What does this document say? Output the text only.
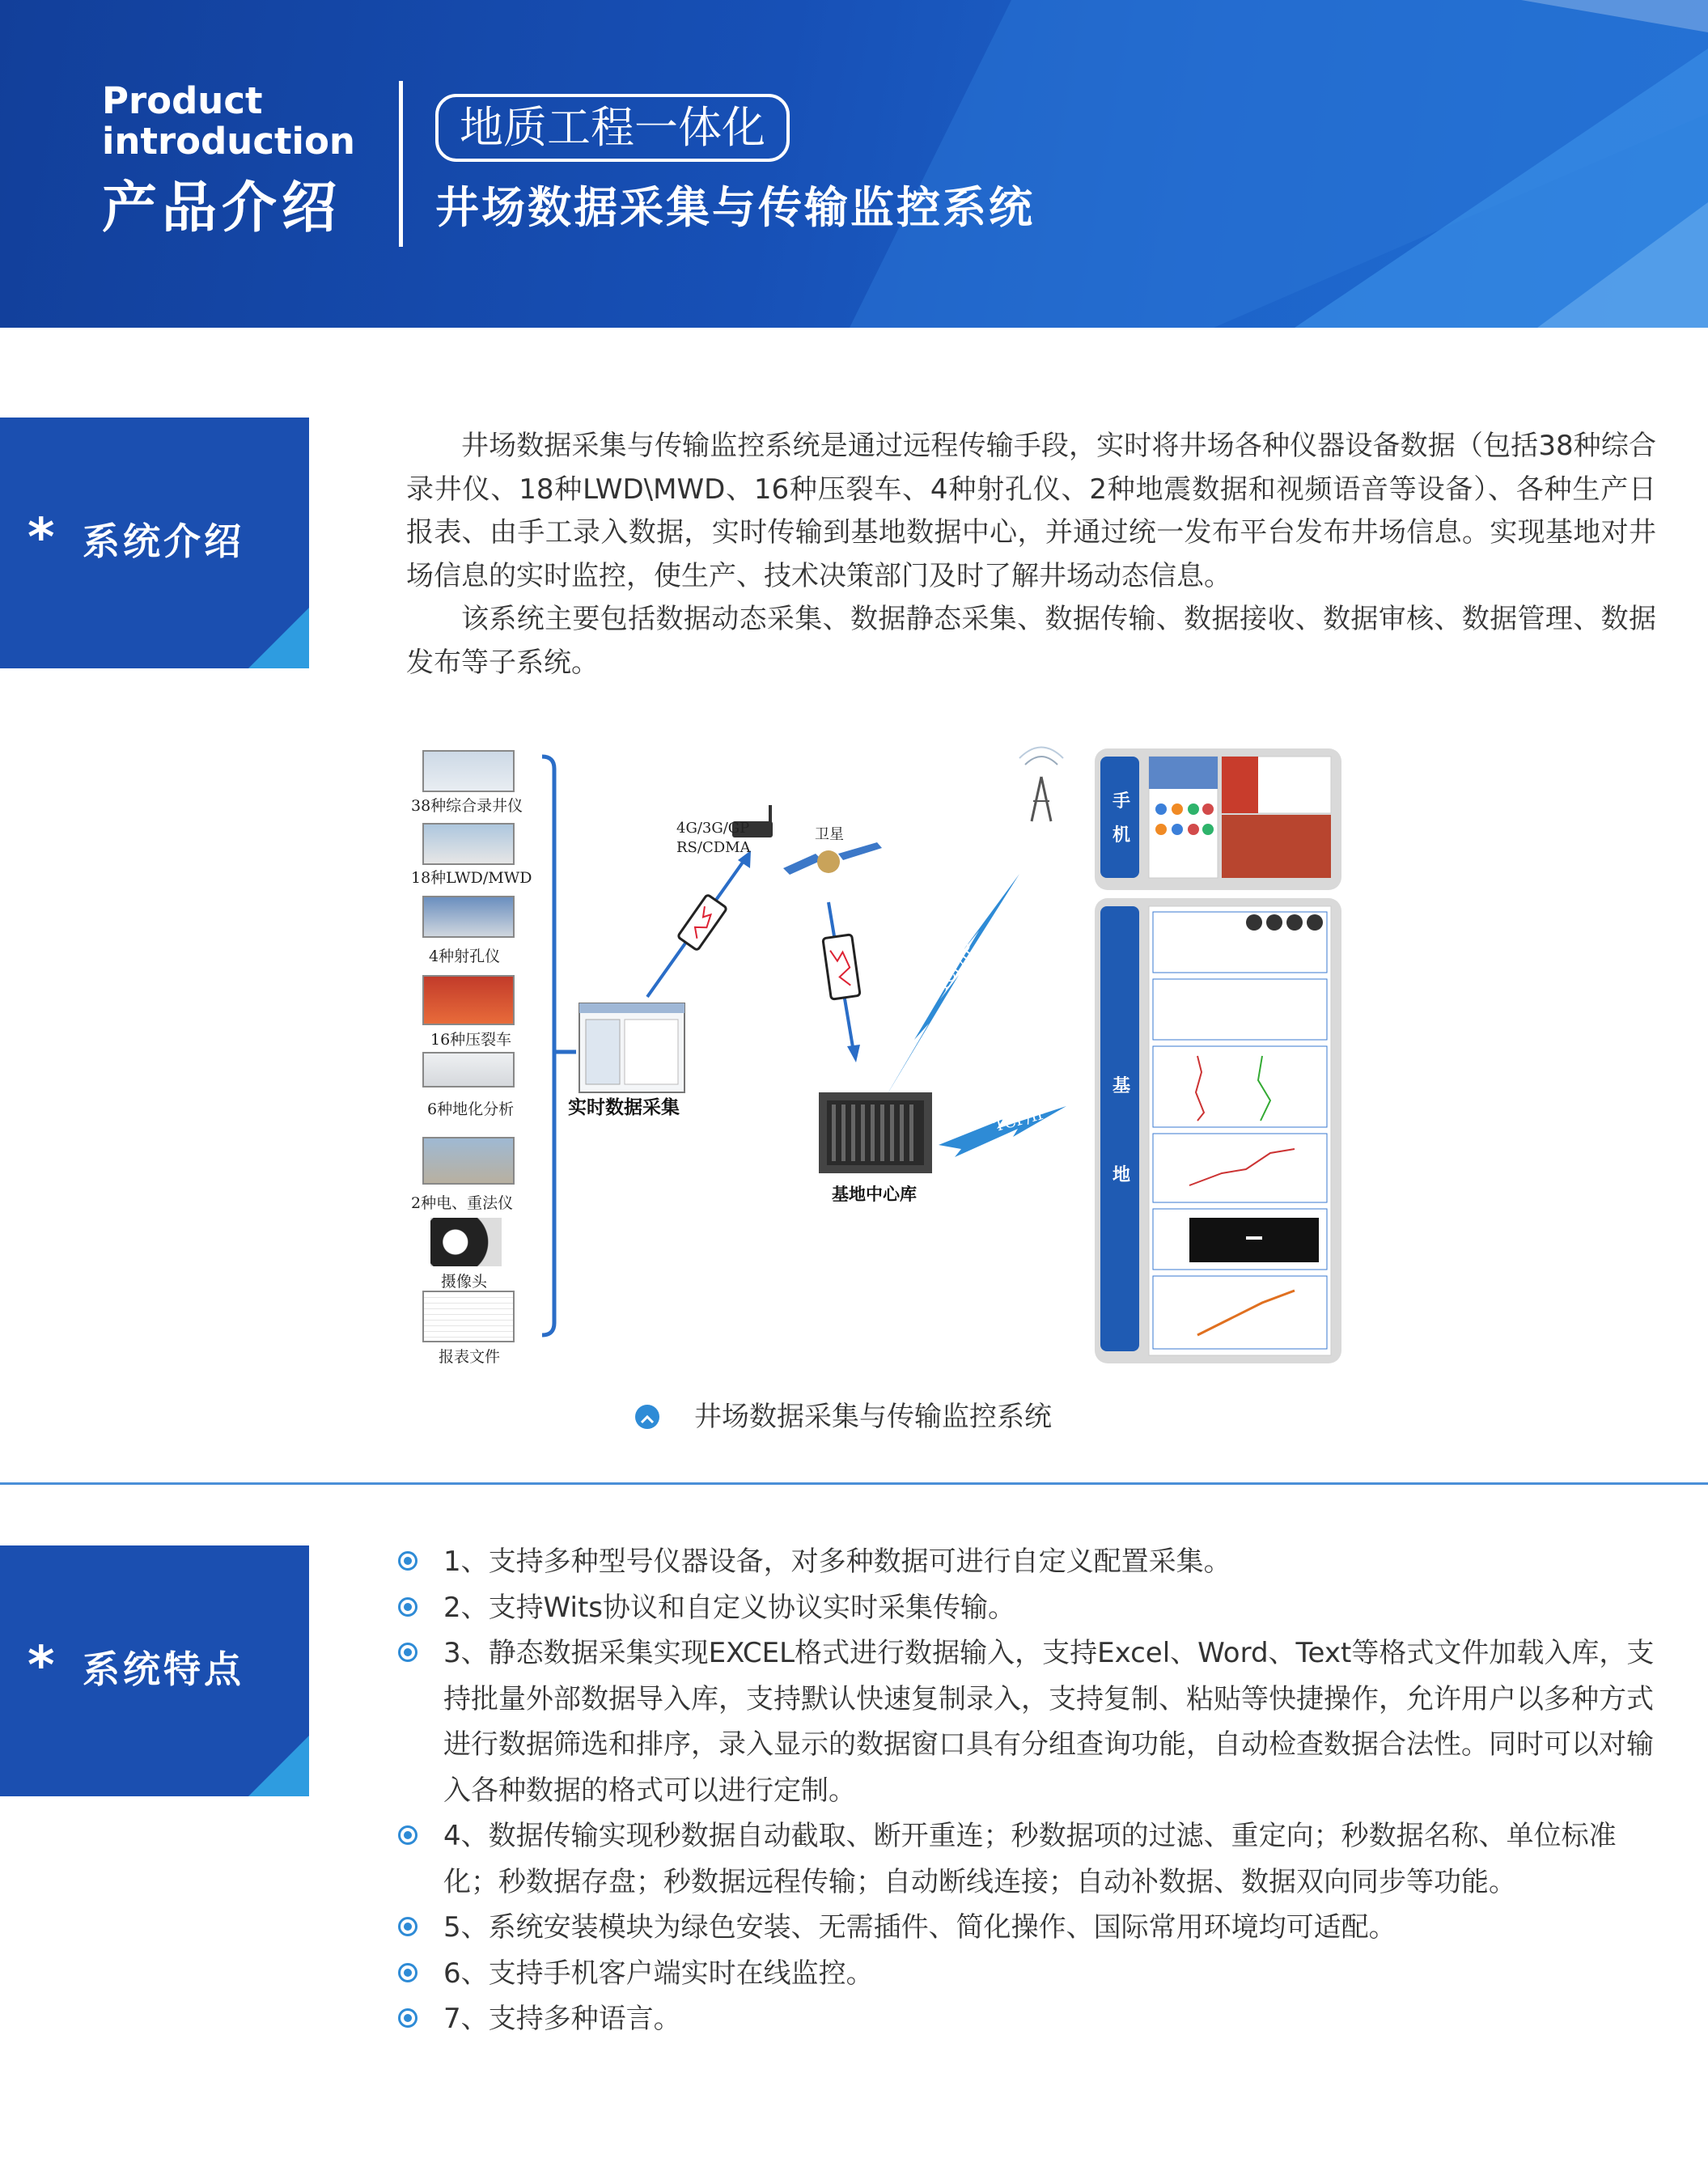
Product
introduction
产品介绍
地质工程一体化
井场数据采集与传输监控系统
* 系统介绍

井场数据采集与传输监控系统是通过远程传输手段，实时将井场各种仪器设备数据（包括38种综合录井仪、18种LWD\MWD、16种压裂车、4种射孔仪、2种地震数据和视频语音等设备）、各种生产日报表、由手工录入数据，实时传输到基地数据中心，并通过统一发布平台发布井场信息。实现基地对井场信息的实时监控，使生产、技术决策部门及时了解井场动态信息。

该系统主要包括数据动态采集、数据静态采集、数据传输、数据接收、数据审核、数据管理、数据发布等子系统。

38种综合录井仪
18种LWD/MWD
4种射孔仪
16种压裂车
6种地化分析
2种电、重法仪
摄像头
报表文件
实时数据采集
4G/3G/GP
RS/CDMA
卫星
TCP/IP
TCP/IP
基地中心库
手
机
基
地
井场数据采集与传输监控系统
* 系统特点
1、支持多种型号仪器设备，对多种数据可进行自定义配置采集。
2、支持Wits协议和自定义协议实时采集传输。
3、静态数据采集实现EXCEL格式进行数据输入，支持Excel、Word、Text等格式文件加载入库，支持批量外部数据导入库，支持默认快速复制录入，支持复制、粘贴等快捷操作，允许用户以多种方式进行数据筛选和排序，录入显示的数据窗口具有分组查询功能，自动检查数据合法性。同时可以对输入各种数据的格式可以进行定制。
4、数据传输实现秒数据自动截取、断开重连；秒数据项的过滤、重定向；秒数据名称、单位标准化；秒数据存盘；秒数据远程传输；自动断线连接；自动补数据、数据双向同步等功能。
5、系统安装模块为绿色安装、无需插件、简化操作、国际常用环境均可适配。
6、支持手机客户端实时在线监控。
7、支持多种语言。
